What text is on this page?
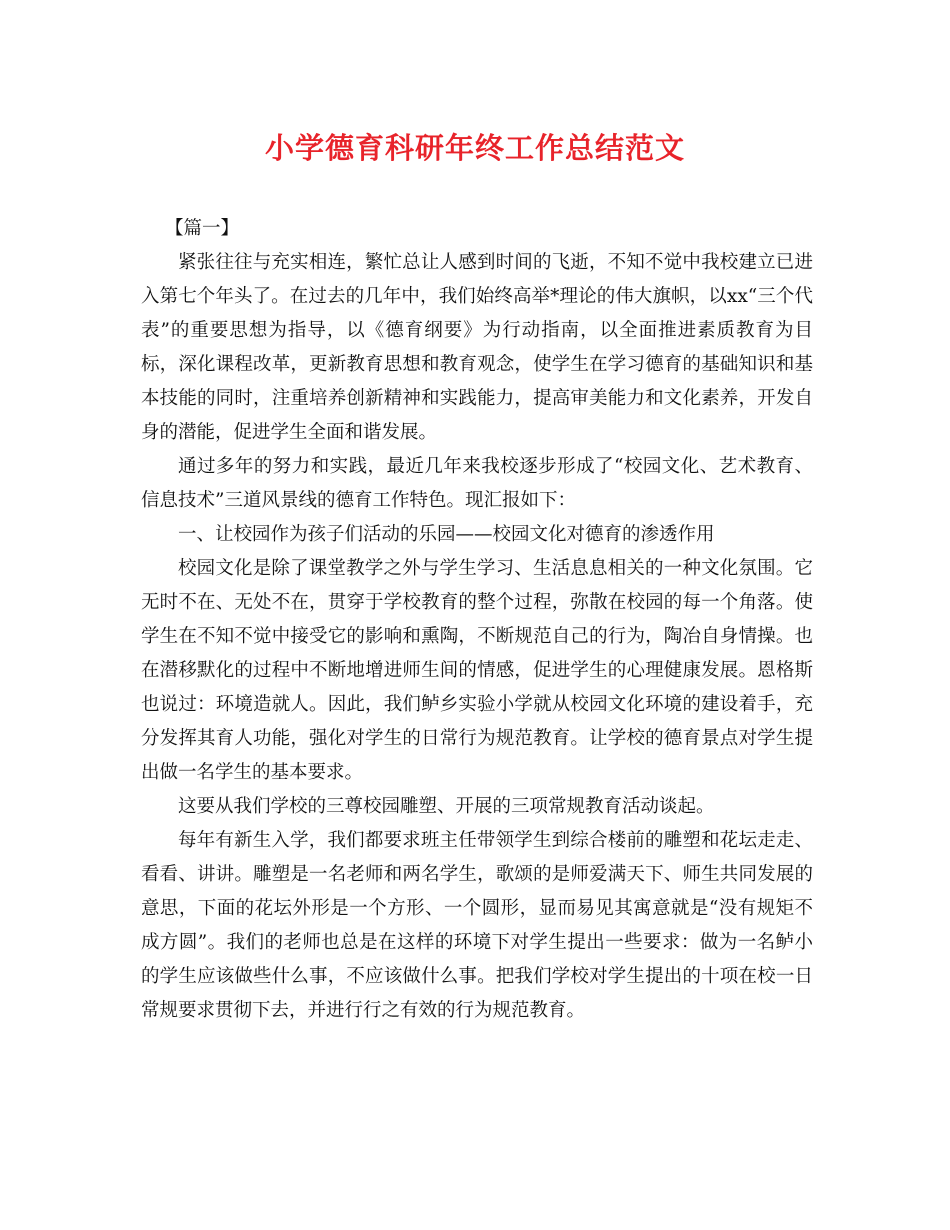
小学德育科研年终工作总结范文

【篇一】

紧张往往与充实相连，繁忙总让人感到时间的飞逝，不知不觉中我校建立已进入第七个年头了。在过去的几年中，我们始终高举*理论的伟大旗帜，以xx“三个代表”的重要思想为指导，以《德育纲要》为行动指南，以全面推进素质教育为目标，深化课程改革，更新教育思想和教育观念，使学生在学习德育的基础知识和基本技能的同时，注重培养创新精神和实践能力，提高审美能力和文化素养，开发自身的潜能，促进学生全面和谐发展。

通过多年的努力和实践，最近几年来我校逐步形成了“校园文化、艺术教育、信息技术”三道风景线的德育工作特色。现汇报如下：

一、让校园作为孩子们活动的乐园——校园文化对德育的渗透作用

校园文化是除了课堂教学之外与学生学习、生活息息相关的一种文化氛围。它无时不在、无处不在，贯穿于学校教育的整个过程，弥散在校园的每一个角落。使学生在不知不觉中接受它的影响和熏陶，不断规范自己的行为，陶冶自身情操。也在潜移默化的过程中不断地增进师生间的情感，促进学生的心理健康发展。恩格斯也说过：环境造就人。因此，我们鲈乡实验小学就从校园文化环境的建设着手，充分发挥其育人功能，强化对学生的日常行为规范教育。让学校的德育景点对学生提出做一名学生的基本要求。

这要从我们学校的三尊校园雕塑、开展的三项常规教育活动谈起。

每年有新生入学，我们都要求班主任带领学生到综合楼前的雕塑和花坛走走、看看、讲讲。雕塑是一名老师和两名学生，歌颂的是师爱满天下、师生共同发展的意思，下面的花坛外形是一个方形、一个圆形，显而易见其寓意就是“没有规矩不成方圆”。我们的老师也总是在这样的环境下对学生提出一些要求：做为一名鲈小的学生应该做些什么事，不应该做什么事。把我们学校对学生提出的十项在校一日常规要求贯彻下去，并进行行之有效的行为规范教育。
